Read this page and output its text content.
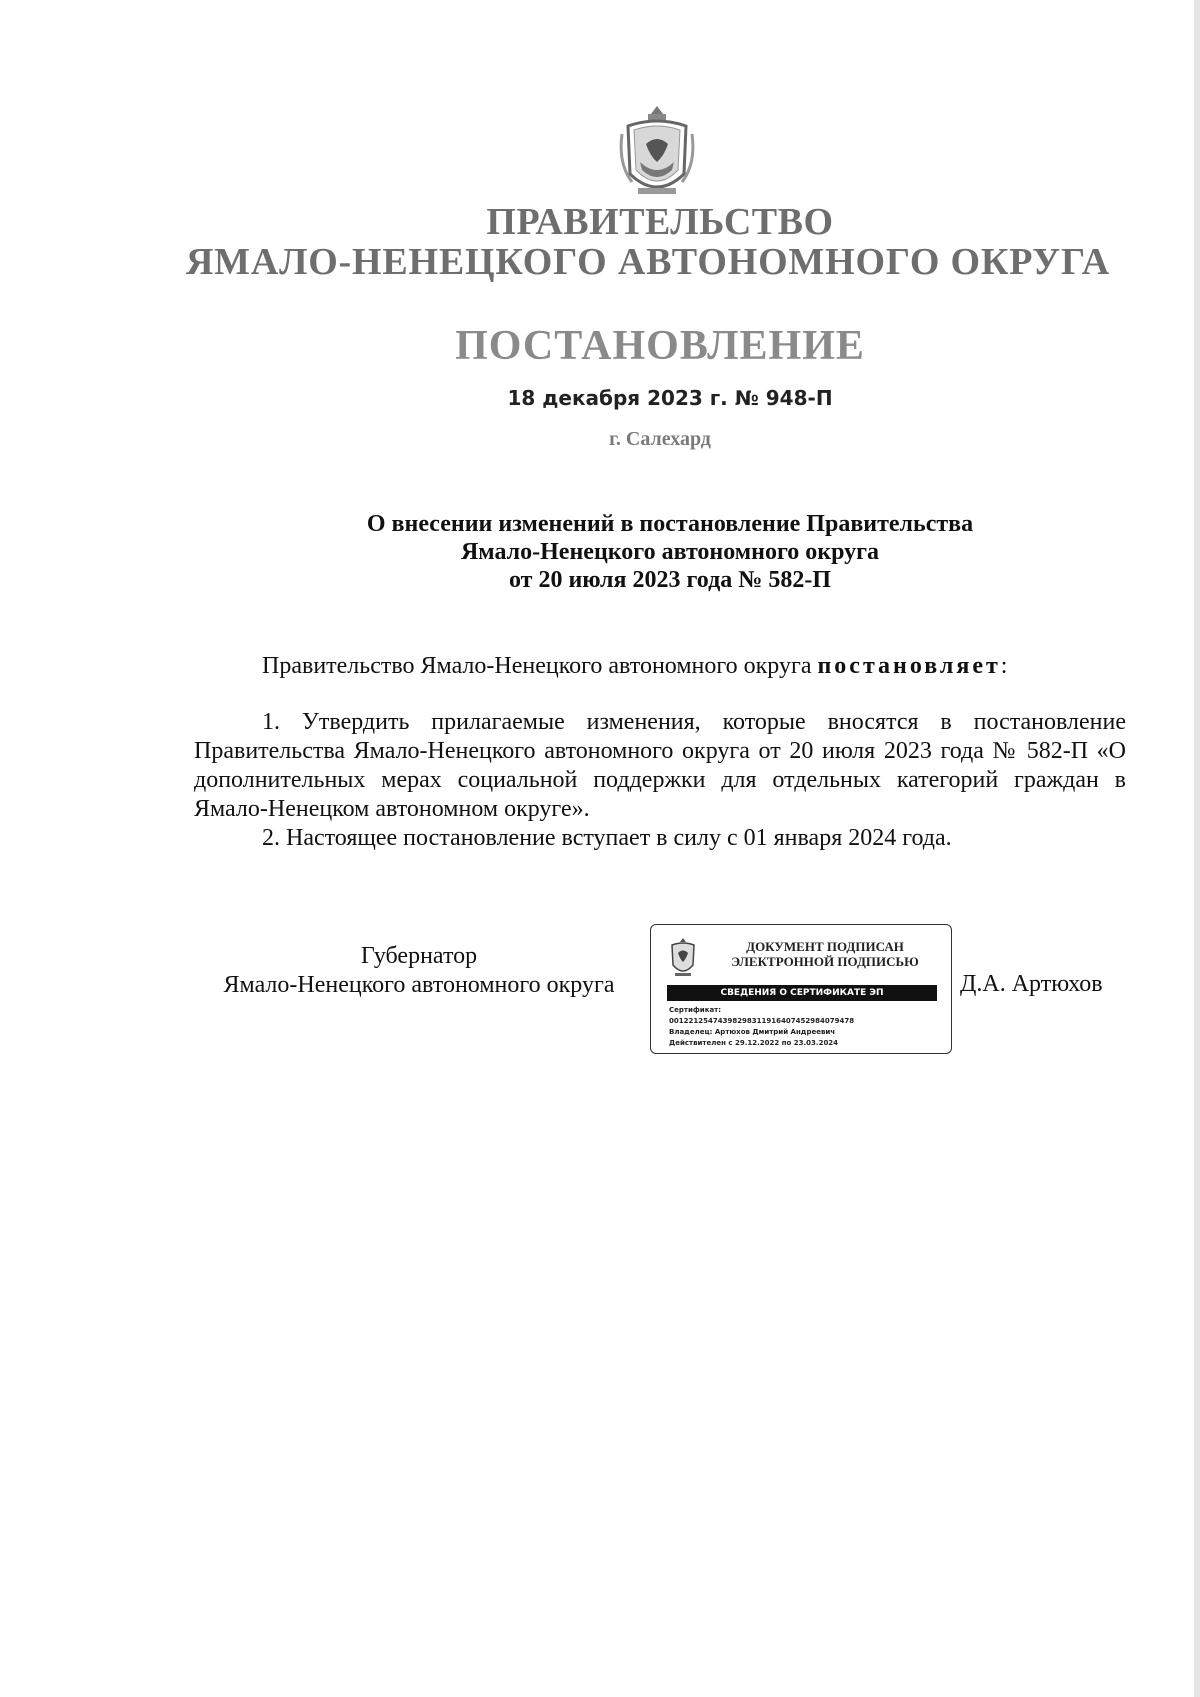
ПРАВИТЕЛЬСТВО
ЯМАЛО-НЕНЕЦКОГО АВТОНОМНОГО ОКРУГА
ПОСТАНОВЛЕНИЕ
18 декабря 2023 г. № 948-П
г. Салехард
О внесении изменений в постановление Правительства
Ямало-Ненецкого автономного округа
от 20 июля 2023 года № 582-П
Правительство Ямало-Ненецкого автономного округа постановляет:

1. Утвердить прилагаемые изменения, которые вносятся в постановление Правительства Ямало-Ненецкого автономного округа от 20 июля 2023 года № 582-П «О дополнительных мерах социальной поддержки для отдельных категорий граждан в Ямало-Ненецком автономном округе».

2. Настоящее постановление вступает в силу с 01 января 2024 года.

Губернатор
Ямало-Ненецкого автономного округа
ДОКУМЕНТ ПОДПИСАН
ЭЛЕКТРОННОЙ ПОДПИСЬЮ
СВЕДЕНИЯ О СЕРТИФИКАТЕ ЭП
Сертификат:
00122125474398298311916407452984079478
Владелец: Артюхов Дмитрий Андреевич
Действителен с 29.12.2022 по 23.03.2024
Д.А. Артюхов
